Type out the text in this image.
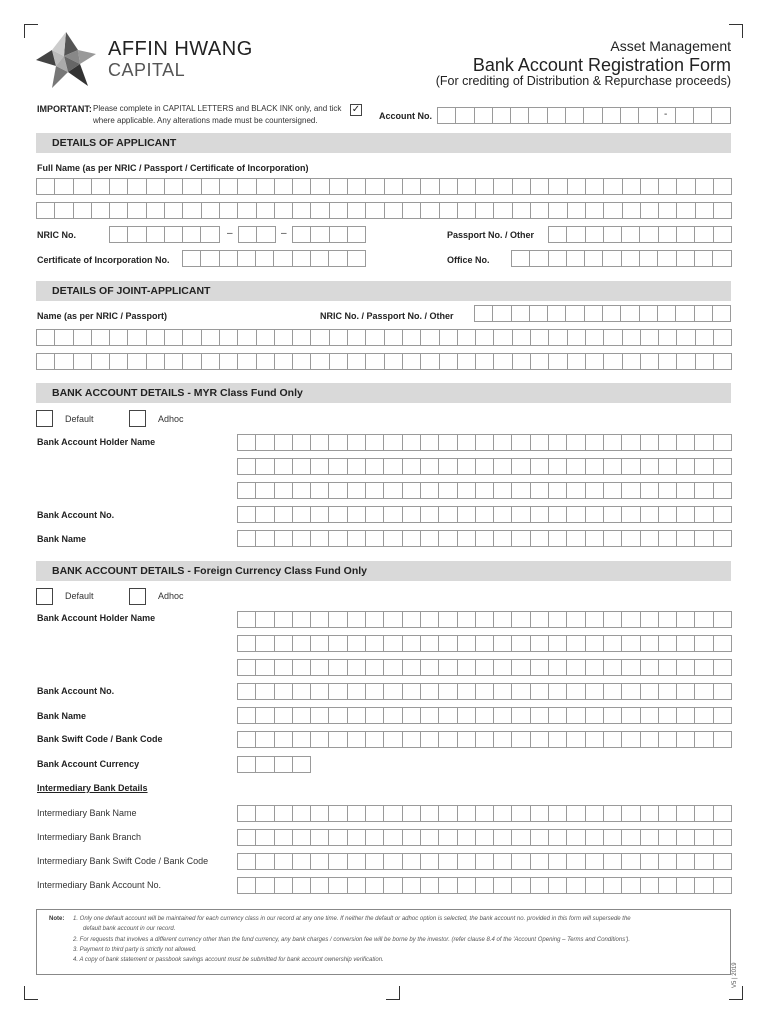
AFFIN HWANG
CAPITAL
Asset Management
Bank Account Registration Form
(For crediting of Distribution & Repurchase proceeds)
IMPORTANT: Please complete in CAPITAL LETTERS and BLACK INK only, and tick
where applicable. Any alterations made must be countersigned.
✓
Account No.	-
DETAILS OF APPLICANT
Full Name (as per NRIC / Passport / Certificate of Incorporation)
NRIC No.	–	–	Passport No. / Other
Certificate of Incorporation No.	Office No.
DETAILS OF JOINT-APPLICANT
Name (as per NRIC / Passport)	NRIC No. / Passport No. / Other
BANK ACCOUNT DETAILS - MYR Class Fund Only
Default	Adhoc
Bank Account Holder Name
Bank Account No.
Bank Name
BANK ACCOUNT DETAILS - Foreign Currency Class Fund Only
Default	Adhoc
Bank Account Holder Name
Bank Account No.
Bank Name
Bank Swift Code / Bank Code
Bank Account Currency
Intermediary Bank Details
Intermediary Bank Name
Intermediary Bank Branch
Intermediary Bank Swift Code / Bank Code
Intermediary Bank Account No.

Note: 1. Only one default account will be maintained for each currency class in our record at any one time. If neither the default or adhoc option is selected, the bank account no. provided in this form will supersede the

default bank account in our record.

2. For requests that involves a different currency other than the fund currency, any bank charges / conversion fee will be borne by the investor. (refer clause 8.4 of the 'Account Opening – Terms and Conditions').

3. Payment to third party is strictly not allowed.

4. A copy of bank statement or passbook savings account must be submitted for bank account ownership verification.

V5 | 2019
